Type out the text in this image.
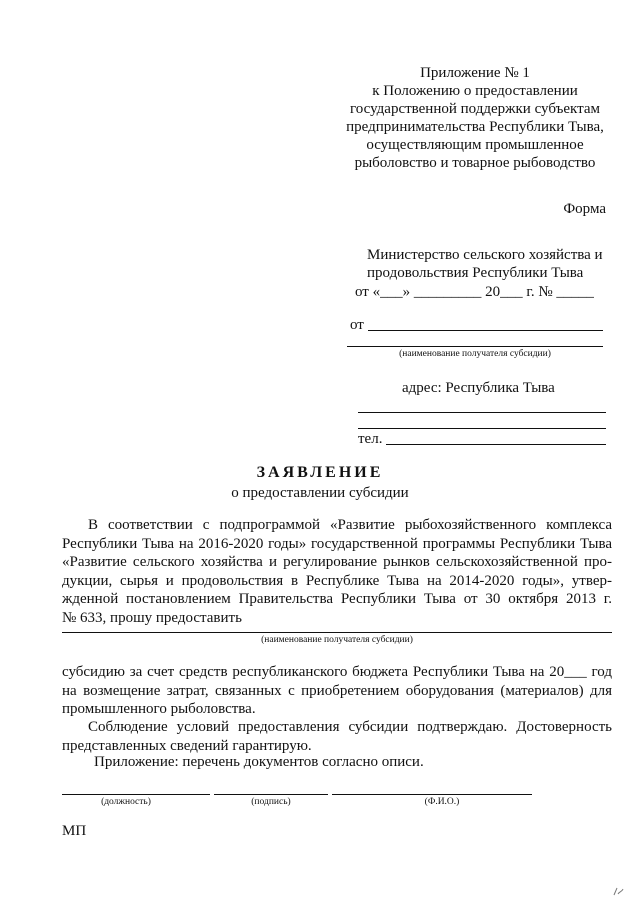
Приложение № 1
к Положению о предоставлении
государственной поддержки субъектам
предпринимательства Республики Тыва,
осуществляющим промышленное
рыболовство и товарное рыбоводство
Форма
Министерство сельского хозяйства и
продовольствия Республики Тыва
от «___» _________ 20___ г. № _____
от
(наименование получателя субсидии)
адрес: Республика Тыва
тел.
ЗАЯВЛЕНИЕ
о предоставлении субсидии
В соответствии с подпрограммой «Развитие рыбохозяйственного комплекса
Республики Тыва на 2016-2020 годы» государственной программы Республики Тыва
«Развитие сельского хозяйства и регулирование рынков сельскохозяйственной про-
дукции, сырья и продовольствия в Республике Тыва на 2014-2020 годы», утвер-
жденной постановлением Правительства Республики Тыва от 30 октября 2013 г.
№ 633, прошу предоставить
(наименование получателя субсидии)
субсидию за счет средств республиканского бюджета Республики Тыва на 20___ год
на возмещение затрат, связанных с приобретением оборудования (материалов) для
промышленного рыболовства.
Соблюдение условий предоставления субсидии подтверждаю. Достоверность
представленных сведений гарантирую.
Приложение: перечень документов согласно описи.
(должность)	(подпись)	(Ф.И.О.)
МП
